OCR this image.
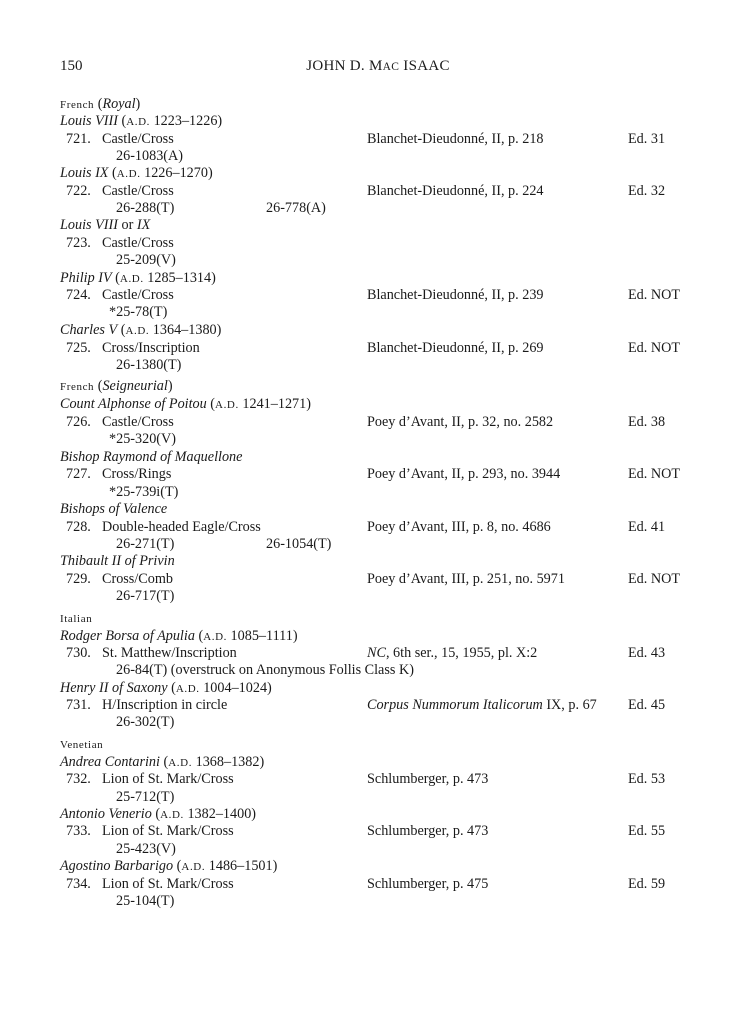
150	JOHN D. MAC ISAAC
French (Royal)
Louis VIII (A.D. 1223–1226)
721. Castle/Cross	Blanchet-Dieudonné, II, p. 218	Ed. 31
26-1083(A)
Louis IX (A.D. 1226–1270)
722. Castle/Cross	Blanchet-Dieudonné, II, p. 224	Ed. 32
26-288(T)	26-778(A)
Louis VIII or IX
723. Castle/Cross
25-209(V)
Philip IV (A.D. 1285–1314)
724. Castle/Cross	Blanchet-Dieudonné, II, p. 239	Ed. NOT
*25-78(T)
Charles V (A.D. 1364–1380)
725. Cross/Inscription	Blanchet-Dieudonné, II, p. 269	Ed. NOT
26-1380(T)
French (Seigneurial)
Count Alphonse of Poitou (A.D. 1241–1271)
726. Castle/Cross	Poey d’Avant, II, p. 32, no. 2582	Ed. 38
*25-320(V)
Bishop Raymond of Maquellone
727. Cross/Rings	Poey d’Avant, II, p. 293, no. 3944	Ed. NOT
*25-739i(T)
Bishops of Valence
728. Double-headed Eagle/Cross	Poey d’Avant, III, p. 8, no. 4686	Ed. 41
26-271(T)	26-1054(T)
Thibault II of Privin
729. Cross/Comb	Poey d’Avant, III, p. 251, no. 5971	Ed. NOT
26-717(T)
Italian
Rodger Borsa of Apulia (A.D. 1085–1111)
730. St. Matthew/Inscription	NC, 6th ser., 15, 1955, pl. X:2	Ed. 43
26-84(T) (overstruck on Anonymous Follis Class K)
Henry II of Saxony (A.D. 1004–1024)
731. H/Inscription in circle	Corpus Nummorum Italicorum IX, p. 67 Ed. 45
26-302(T)
Venetian
Andrea Contarini (A.D. 1368–1382)
732. Lion of St. Mark/Cross	Schlumberger, p. 473	Ed. 53
25-712(T)
Antonio Venerio (A.D. 1382–1400)
733. Lion of St. Mark/Cross	Schlumberger, p. 473	Ed. 55
25-423(V)
Agostino Barbarigo (A.D. 1486–1501)
734. Lion of St. Mark/Cross	Schlumberger, p. 475	Ed. 59
25-104(T)
